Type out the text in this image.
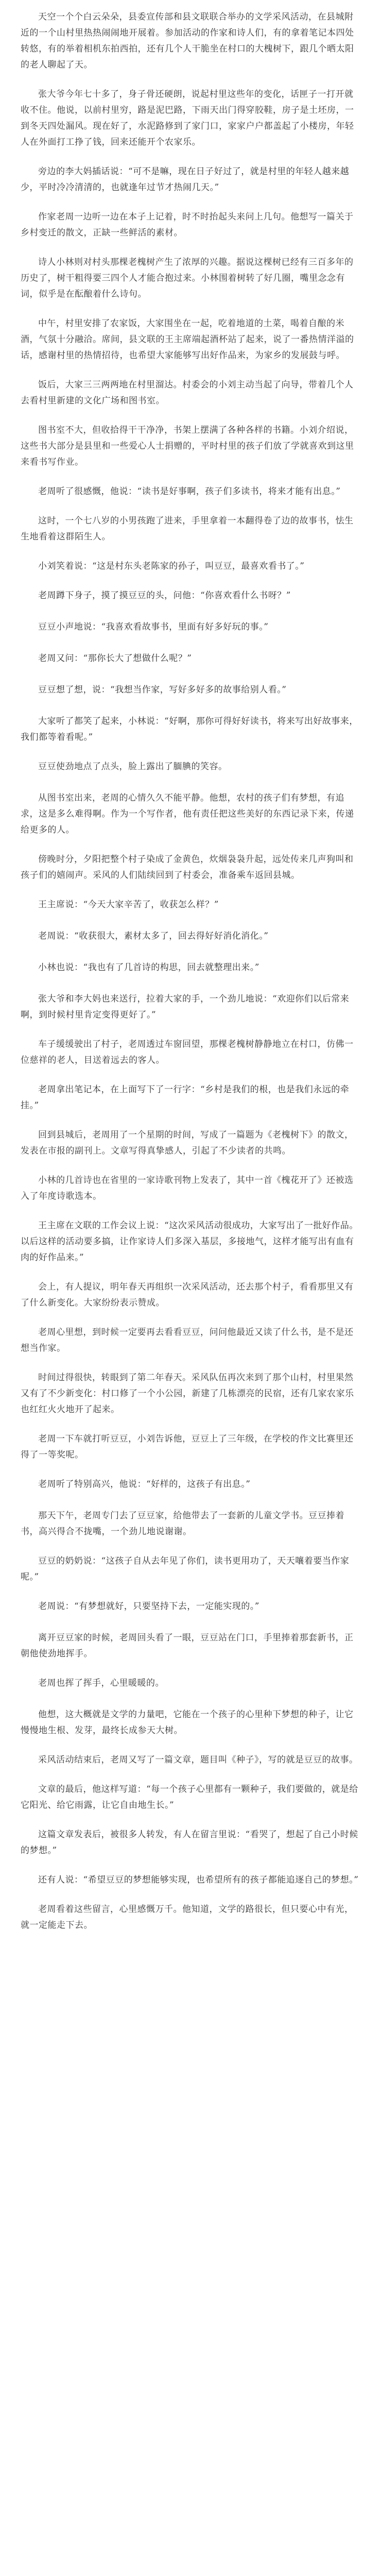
天空一个个白云朵朵，县委宣传部和县文联联合举办的文学采风活动，在县城附近的一个山村里热热闹闹地开展着。参加活动的作家和诗人们，有的拿着笔记本四处转悠，有的举着相机东拍西拍，还有几个人干脆坐在村口的大槐树下，跟几个晒太阳的老人聊起了天。

张大爷今年七十多了，身子骨还硬朗，说起村里这些年的变化，话匣子一打开就收不住。他说，以前村里穷，路是泥巴路，下雨天出门得穿胶鞋，房子是土坯房，一到冬天四处漏风。现在好了，水泥路修到了家门口，家家户户都盖起了小楼房，年轻人在外面打工挣了钱，回来还能开个农家乐。

旁边的李大妈插话说：“可不是嘛，现在日子好过了，就是村里的年轻人越来越少，平时冷冷清清的，也就逢年过节才热闹几天。”

作家老周一边听一边在本子上记着，时不时抬起头来问上几句。他想写一篇关于乡村变迁的散文，正缺一些鲜活的素材。

诗人小林则对村头那棵老槐树产生了浓厚的兴趣。据说这棵树已经有三百多年的历史了，树干粗得要三四个人才能合抱过来。小林围着树转了好几圈，嘴里念念有词，似乎是在酝酿着什么诗句。

中午，村里安排了农家饭，大家围坐在一起，吃着地道的土菜，喝着自酿的米酒，气氛十分融洽。席间，县文联的王主席端起酒杯站了起来，说了一番热情洋溢的话，感谢村里的热情招待，也希望大家能够写出好作品来，为家乡的发展鼓与呼。

饭后，大家三三两两地在村里溜达。村委会的小刘主动当起了向导，带着几个人去看村里新建的文化广场和图书室。

图书室不大，但收拾得干干净净，书架上摆满了各种各样的书籍。小刘介绍说，这些书大部分是县里和一些爱心人士捐赠的，平时村里的孩子们放了学就喜欢到这里来看书写作业。

老周听了很感慨，他说：“读书是好事啊，孩子们多读书，将来才能有出息。”

这时，一个七八岁的小男孩跑了进来，手里拿着一本翻得卷了边的故事书，怯生生地看着这群陌生人。

小刘笑着说：“这是村东头老陈家的孙子，叫豆豆，最喜欢看书了。”

老周蹲下身子，摸了摸豆豆的头，问他：“你喜欢看什么书呀？”

豆豆小声地说：“我喜欢看故事书，里面有好多好玩的事。”

老周又问：“那你长大了想做什么呢？”

豆豆想了想，说：“我想当作家，写好多好多的故事给别人看。”

大家听了都笑了起来，小林说：“好啊，那你可得好好读书，将来写出好故事来，我们都等着看呢。”

豆豆使劲地点了点头，脸上露出了腼腆的笑容。

从图书室出来，老周的心情久久不能平静。他想，农村的孩子们有梦想，有追求，这是多么难得啊。作为一个写作者，他有责任把这些美好的东西记录下来，传递给更多的人。

傍晚时分，夕阳把整个村子染成了金黄色，炊烟袅袅升起，远处传来几声狗叫和孩子们的嬉闹声。采风的人们陆续回到了村委会，准备乘车返回县城。

王主席说：“今天大家辛苦了，收获怎么样？”

老周说：“收获很大，素材太多了，回去得好好消化消化。”

小林也说：“我也有了几首诗的构思，回去就整理出来。”

张大爷和李大妈也来送行，拉着大家的手，一个劲儿地说：“欢迎你们以后常来啊，到时候村里肯定变得更好了。”

车子缓缓驶出了村子，老周透过车窗回望，那棵老槐树静静地立在村口，仿佛一位慈祥的老人，目送着远去的客人。

老周拿出笔记本，在上面写下了一行字：“乡村是我们的根，也是我们永远的牵挂。”

回到县城后，老周用了一个星期的时间，写成了一篇题为《老槐树下》的散文，发表在市报的副刊上。文章写得真挚感人，引起了不少读者的共鸣。

小林的几首诗也在省里的一家诗歌刊物上发表了，其中一首《槐花开了》还被选入了年度诗歌选本。

王主席在文联的工作会议上说：“这次采风活动很成功，大家写出了一批好作品。以后这样的活动要多搞，让作家诗人们多深入基层，多接地气，这样才能写出有血有肉的好作品来。”

会上，有人提议，明年春天再组织一次采风活动，还去那个村子，看看那里又有了什么新变化。大家纷纷表示赞成。

老周心里想，到时候一定要再去看看豆豆，问问他最近又读了什么书，是不是还想当作家。

时间过得很快，转眼到了第二年春天。采风队伍再次来到了那个山村，村里果然又有了不少新变化：村口修了一个小公园，新建了几栋漂亮的民宿，还有几家农家乐也红红火火地开了起来。

老周一下车就打听豆豆，小刘告诉他，豆豆上了三年级，在学校的作文比赛里还得了一等奖呢。

老周听了特别高兴，他说：“好样的，这孩子有出息。”

那天下午，老周专门去了豆豆家，给他带去了一套新的儿童文学书。豆豆捧着书，高兴得合不拢嘴，一个劲儿地说谢谢。

豆豆的奶奶说：“这孩子自从去年见了你们，读书更用功了，天天嚷着要当作家呢。”

老周说：“有梦想就好，只要坚持下去，一定能实现的。”

离开豆豆家的时候，老周回头看了一眼，豆豆站在门口，手里捧着那套新书，正朝他使劲地挥手。

老周也挥了挥手，心里暖暖的。

他想，这大概就是文学的力量吧，它能在一个孩子的心里种下梦想的种子，让它慢慢地生根、发芽，最终长成参天大树。

采风活动结束后，老周又写了一篇文章，题目叫《种子》，写的就是豆豆的故事。

文章的最后，他这样写道：“每一个孩子心里都有一颗种子，我们要做的，就是给它阳光、给它雨露，让它自由地生长。”

这篇文章发表后，被很多人转发，有人在留言里说：“看哭了，想起了自己小时候的梦想。”

还有人说：“希望豆豆的梦想能够实现，也希望所有的孩子都能追逐自己的梦想。”

老周看着这些留言，心里感慨万千。他知道，文学的路很长，但只要心中有光，就一定能走下去。
